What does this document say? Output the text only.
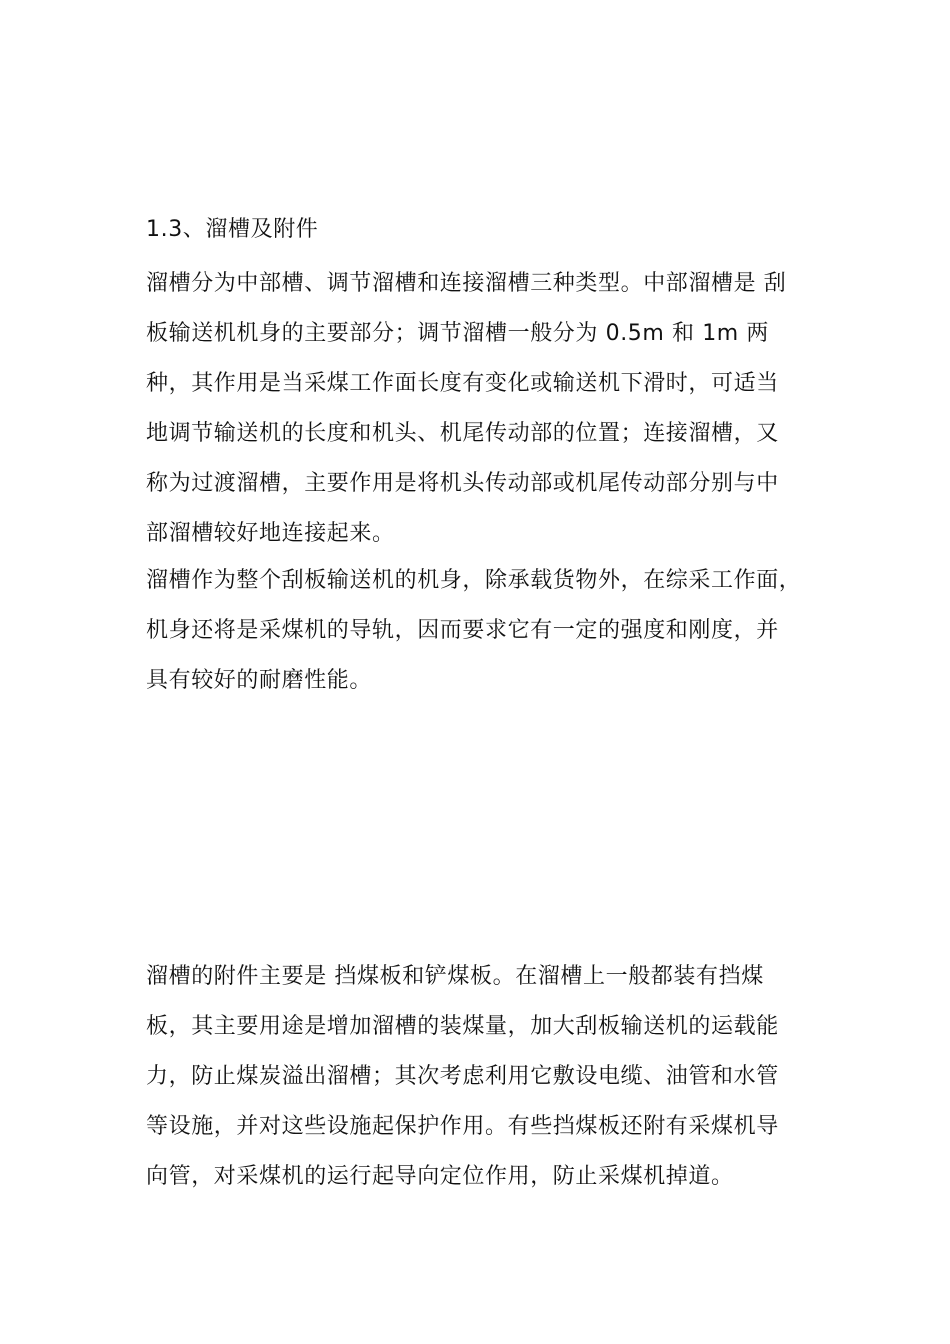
1.3、溜槽及附件
溜槽分为中部槽、调节溜槽和连接溜槽三种类型。中部溜槽是 刮
板输送机机身的主要部分；调节溜槽一般分为 0.5m 和 1m 两
种，其作用是当采煤工作面长度有变化或输送机下滑时，可适当
地调节输送机的长度和机头、机尾传动部的位置；连接溜槽，又
称为过渡溜槽，主要作用是将机头传动部或机尾传动部分别与中
部溜槽较好地连接起来。
溜槽作为整个刮板输送机的机身，除承载货物外，在综采工作面，
机身还将是采煤机的导轨，因而要求它有一定的强度和刚度，并
具有较好的耐磨性能。
溜槽的附件主要是 挡煤板和铲煤板。在溜槽上一般都装有挡煤
板，其主要用途是增加溜槽的装煤量，加大刮板输送机的运载能
力，防止煤炭溢出溜槽；其次考虑利用它敷设电缆、油管和水管
等设施，并对这些设施起保护作用。有些挡煤板还附有采煤机导
向管，对采煤机的运行起导向定位作用，防止采煤机掉道。
